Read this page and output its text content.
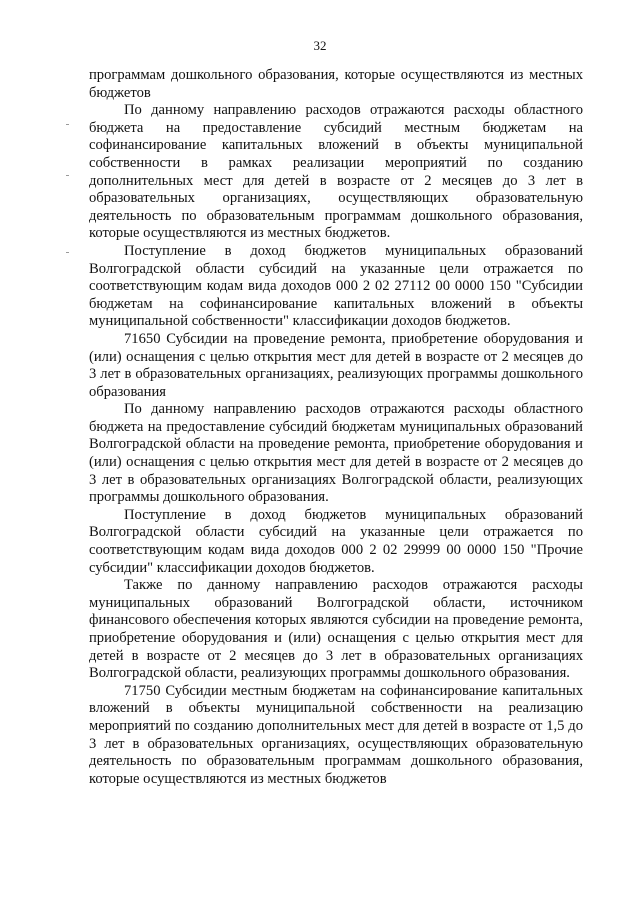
32

программам дошкольного образования, которые осуществляются из местных бюджетов

По данному направлению расходов отражаются расходы областного бюджета на предоставление субсидий местным бюджетам на софинансирование капитальных вложений в объекты муниципальной собственности в рамках реализации мероприятий по созданию дополнительных мест для детей в возрасте от 2 месяцев до 3 лет в образовательных организациях, осуществляющих образовательную деятельность по образовательным программам дошкольного образования, которые осуществляются из местных бюджетов.

Поступление в доход бюджетов муниципальных образований Волгоградской области субсидий на указанные цели отражается по соответствующим кодам вида доходов 000 2 02 27112 00 0000 150 "Субсидии бюджетам на софинансирование капитальных вложений в объекты муниципальной собственности" классификации доходов бюджетов.

71650 Субсидии на проведение ремонта, приобретение оборудования и (или) оснащения с целью открытия мест для детей в возрасте от 2 месяцев до 3 лет в образовательных организациях, реализующих программы дошкольного образования

По данному направлению расходов отражаются расходы областного бюджета на предоставление субсидий бюджетам муниципальных образований Волгоградской области на проведение ремонта, приобретение оборудования и (или) оснащения с целью открытия мест для детей в возрасте от 2 месяцев до 3 лет в образовательных организациях Волгоградской области, реализующих программы дошкольного образования.

Поступление в доход бюджетов муниципальных образований Волгоградской области субсидий на указанные цели отражается по соответствующим кодам вида доходов 000 2 02 29999 00 0000 150 "Прочие субсидии" классификации доходов бюджетов.

Также по данному направлению расходов отражаются расходы муниципальных образований Волгоградской области, источником финансового обеспечения которых являются субсидии на проведение ремонта, приобретение оборудования и (или) оснащения с целью открытия мест для детей в возрасте от 2 месяцев до 3 лет в образовательных организациях Волгоградской области, реализующих программы дошкольного образования.

71750 Субсидии местным бюджетам на софинансирование капитальных вложений в объекты муниципальной собственности на реализацию мероприятий по созданию дополнительных мест для детей в возрасте от 1,5 до 3 лет в образовательных организациях, осуществляющих образовательную деятельность по образовательным программам дошкольного образования, которые осуществляются из местных бюджетов
